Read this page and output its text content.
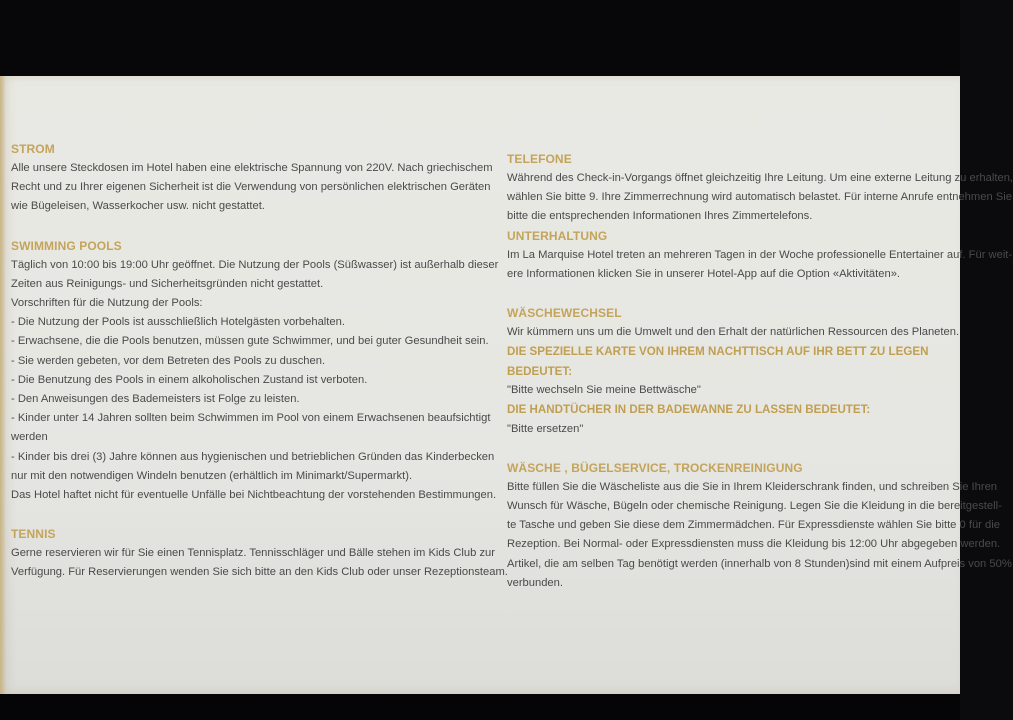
STROM

Alle unsere Steckdosen im Hotel haben eine elektrische Spannung von 220V. Nach griechischem

Recht und zu Ihrer eigenen Sicherheit ist die Verwendung von persönlichen elektrischen Geräten

wie Bügeleisen, Wasserkocher usw. nicht gestattet.

SWIMMING POOLS

Täglich von 10:00 bis 19:00 Uhr geöffnet. Die Nutzung der Pools (Süßwasser) ist außerhalb dieser

Zeiten aus Reinigungs- und Sicherheitsgründen nicht gestattet.

Vorschriften für die Nutzung der Pools:

- Die Nutzung der Pools ist ausschließlich Hotelgästen vorbehalten.

- Erwachsene, die die Pools benutzen, müssen gute Schwimmer, und bei guter Gesundheit sein.

- Sie werden gebeten, vor dem Betreten des Pools zu duschen.

- Die Benutzung des Pools in einem alkoholischen Zustand ist verboten.

- Den Anweisungen des Bademeisters ist Folge zu leisten.

- Kinder unter 14 Jahren sollten beim Schwimmen im Pool von einem Erwachsenen beaufsichtigt

werden

- Kinder bis drei (3) Jahre können aus hygienischen und betrieblichen Gründen das Kinderbecken

nur mit den notwendigen Windeln benutzen (erhältlich im Minimarkt/Supermarkt).

Das Hotel haftet nicht für eventuelle Unfälle bei Nichtbeachtung der vorstehenden Bestimmungen.

TENNIS

Gerne reservieren wir für Sie einen Tennisplatz. Tennisschläger und Bälle stehen im Kids Club zur

Verfügung. Für Reservierungen wenden Sie sich bitte an den Kids Club oder unser Rezeptionsteam.

TELEFONE

Während des Check-in-Vorgangs öffnet gleichzeitig Ihre Leitung. Um eine externe Leitung zu erhalten,

wählen Sie bitte 9. Ihre Zimmerrechnung wird automatisch belastet. Für interne Anrufe entnehmen Sie

bitte die entsprechenden Informationen Ihres Zimmertelefons.

UNTERHALTUNG

Im La Marquise Hotel treten an mehreren Tagen in der Woche professionelle Entertainer auf. Für weit-

ere Informationen klicken Sie in unserer Hotel-App auf die Option «Aktivitäten».

WÄSCHEWECHSEL

Wir kümmern uns um die Umwelt und den Erhalt der natürlichen Ressourcen des Planeten.

DIE SPEZIELLE KARTE VON IHREM NACHTTISCH AUF IHR BETT ZU LEGEN BEDEUTET:

"Bitte wechseln Sie meine Bettwäsche"

DIE HANDTÜCHER IN DER BADEWANNE ZU LASSEN BEDEUTET:

"Bitte ersetzen"

WÄSCHE , BÜGELSERVICE, TROCKENREINIGUNG

Bitte füllen Sie die Wäscheliste aus die Sie in Ihrem Kleiderschrank finden, und schreiben Sie Ihren

Wunsch für Wäsche, Bügeln oder chemische Reinigung. Legen Sie die Kleidung in die bereitgestell-

te Tasche und geben Sie diese dem Zimmermädchen. Für Expressdienste wählen Sie bitte 0 für die

Rezeption. Bei Normal- oder Expressdiensten muss die Kleidung bis 12:00 Uhr abgegeben werden.

Artikel, die am selben Tag benötigt werden (innerhalb von 8 Stunden)sind mit einem Aufpreis von 50%

verbunden.
